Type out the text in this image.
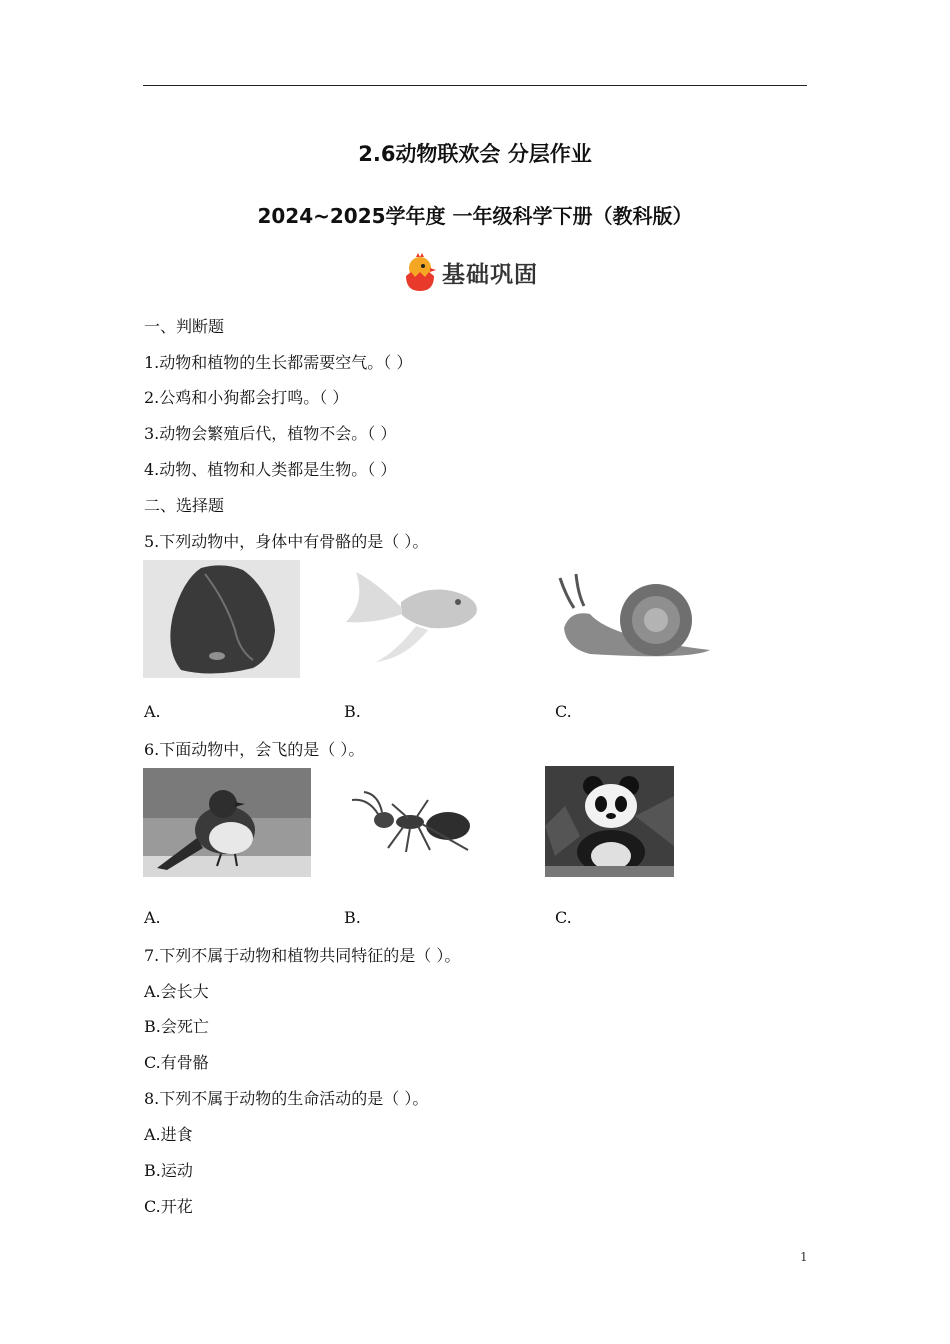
2.6动物联欢会 分层作业
2024~2025学年度 一年级科学下册（教科版）
基础巩固
一、判断题
1.动物和植物的生长都需要空气。（ ）
2.公鸡和小狗都会打鸣。（ ）
3.动物会繁殖后代，植物不会。（ ）
4.动物、植物和人类都是生物。（ ）
二、选择题
5.下列动物中，身体中有骨骼的是（ ）。
A.	B.	C.
6.下面动物中，会飞的是（ ）。
A.	B.	C.
7.下列不属于动物和植物共同特征的是（ ）。
A.会长大
B.会死亡
C.有骨骼
8.下列不属于动物的生命活动的是（ ）。
A.进食
B.运动
C.开花
1
